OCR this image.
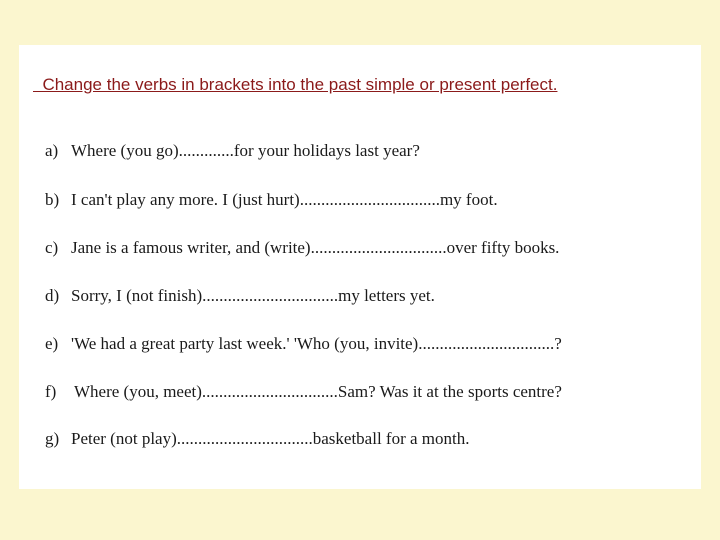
Change the verbs in brackets into the past simple or present perfect.

a) Where (you go).............for your holidays last year?

b) I can't play any more. I (just hurt).................................my foot.

c) Jane is a famous writer, and (write)................................over fifty books.

d) Sorry, I (not finish)................................my letters yet.

e) 'We had a great party last week.' 'Who (you, invite)................................?

f) Where (you, meet)................................Sam? Was it at the sports centre?

g) Peter (not play)................................basketball for a month.
